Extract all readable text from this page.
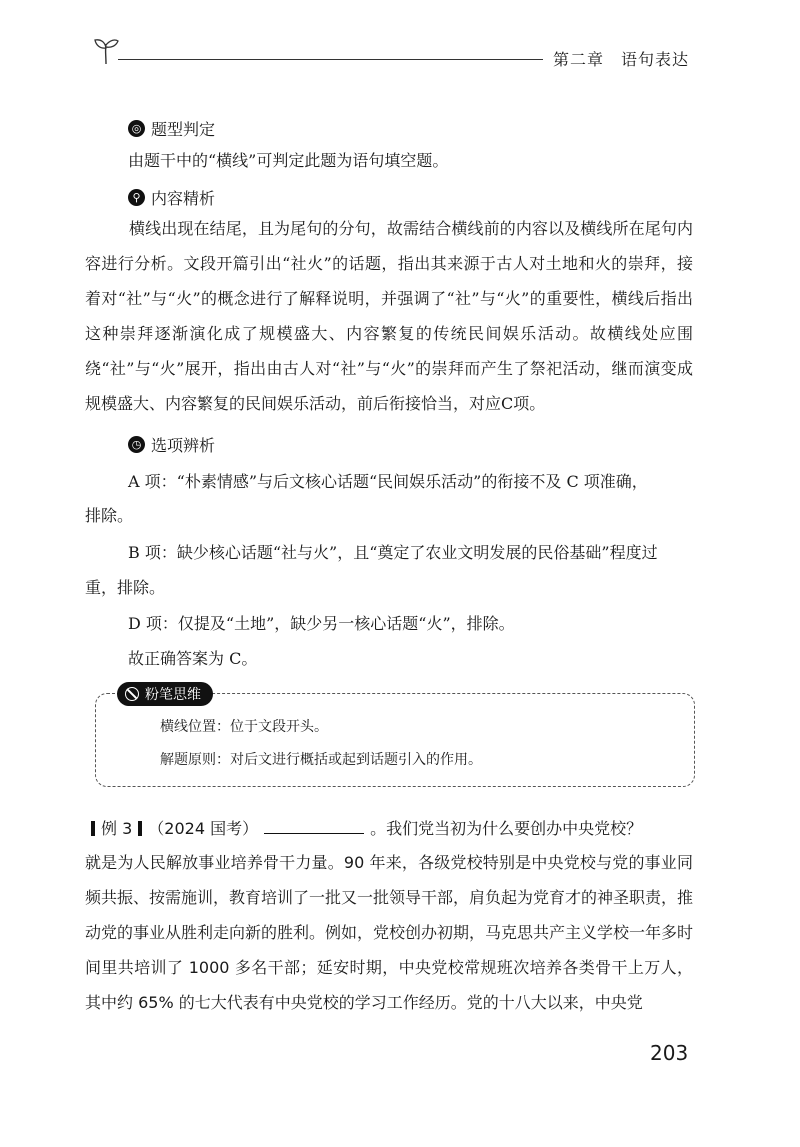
第二章　语句表达
◎ 题型判定
由题干中的“横线”可判定此题为语句填空题。
⚲ 内容精析
横线出现在结尾，且为尾句的分句，故需结合横线前的内容以及横线所在尾句内容进行分析。文段开篇引出“社火”的话题，指出其来源于古人对土地和火的崇拜，接着对“社”与“火”的概念进行了解释说明，并强调了“社”与“火”的重要性，横线后指出这种崇拜逐渐演化成了规模盛大、内容繁复的传统民间娱乐活动。故横线处应围绕“社”与“火”展开，指出由古人对“社”与“火”的崇拜而产生了祭祀活动，继而演变成规模盛大、内容繁复的民间娱乐活动，前后衔接恰当，对应C项。
◷ 选项辨析
A 项：“朴素情感”与后文核心话题“民间娱乐活动”的衔接不及 C 项准确，
排除。
B 项：缺少核心话题“社与火”，且“奠定了农业文明发展的民俗基础”程度过
重，排除。
D 项：仅提及“土地”，缺少另一核心话题“火”，排除。
故正确答案为 C。
粉笔思维
横线位置：位于文段开头。
解题原则：对后文进行概括或起到话题引入的作用。
例 3 （2024 国考）	。我们党当初为什么要创办中央党校？
就是为人民解放事业培养骨干力量。90 年来，各级党校特别是中央党校与党的事业同频共振、按需施训，教育培训了一批又一批领导干部，肩负起为党育才的神圣职责，推动党的事业从胜利走向新的胜利。例如，党校创办初期，马克思共产主义学校一年多时间里共培训了 1000 多名干部；延安时期，中央党校常规班次培养各类骨干上万人，其中约 65% 的七大代表有中央党校的学习工作经历。党的十八大以来，中央党
203
